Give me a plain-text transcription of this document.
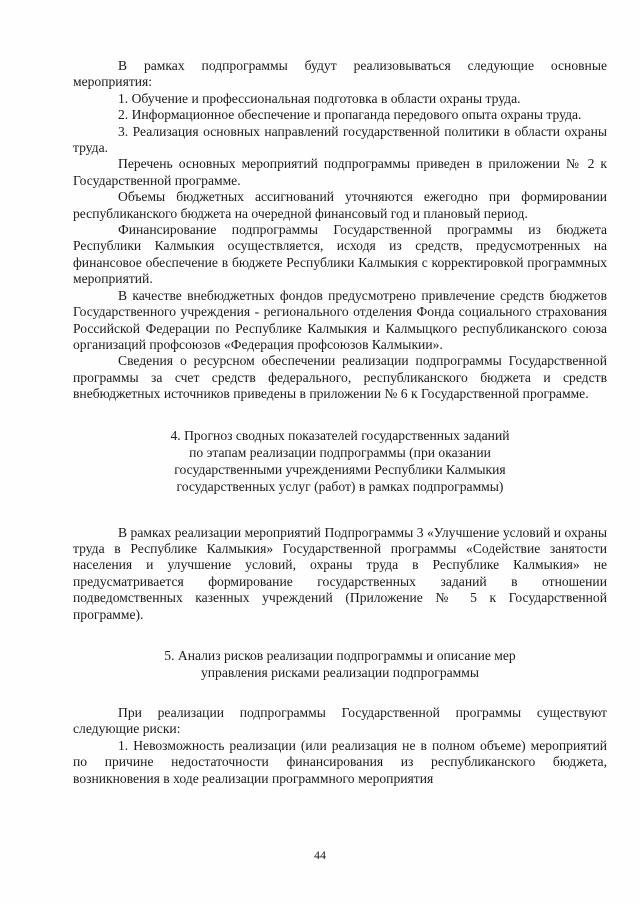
В рамках подпрограммы будут реализовываться следующие основные мероприятия:

1. Обучение и профессиональная подготовка в области охраны труда.

2. Информационное обеспечение и пропаганда передового опыта охраны труда.

3. Реализация основных направлений государственной политики в области охраны труда.

Перечень основных мероприятий подпрограммы приведен в приложении № 2 к Государственной программе.

Объемы бюджетных ассигнований уточняются ежегодно при формировании республиканского бюджета на очередной финансовый год и плановый период.

Финансирование подпрограммы Государственной программы из бюджета Республики Калмыкия осуществляется, исходя из средств, предусмотренных на финансовое обеспечение в бюджете Республики Калмыкия с корректировкой программных мероприятий.

В качестве внебюджетных фондов предусмотрено привлечение средств бюджетов Государственного учреждения - регионального отделения Фонда социального страхования Российской Федерации по Республике Калмыкия и Калмыцкого республиканского союза организаций профсоюзов «Федерация профсоюзов Калмыкии».

Сведения о ресурсном обеспечении реализации подпрограммы Государственной программы за счет средств федерального, республиканского бюджета и средств внебюджетных источников приведены в приложении № 6 к Государственной программе.

4. Прогноз сводных показателей государственных заданий
по этапам реализации подпрограммы (при оказании
государственными учреждениями Республики Калмыкия
государственных услуг (работ) в рамках подпрограммы)

В рамках реализации мероприятий Подпрограммы 3 «Улучшение условий и охраны труда в Республике Калмыкия» Государственной программы «Содействие занятости населения и улучшение условий, охраны труда в Республике Калмыкия» не предусматривается формирование государственных заданий в отношении подведомственных казенных учреждений (Приложение № 5 к Государственной программе).

5. Анализ рисков реализации подпрограммы и описание мер
управления рисками реализации подпрограммы

При реализации подпрограммы Государственной программы существуют следующие риски:

1. Невозможность реализации (или реализация не в полном объеме) мероприятий по причине недостаточности финансирования из республиканского бюджета, возникновения в ходе реализации программного мероприятия

44
